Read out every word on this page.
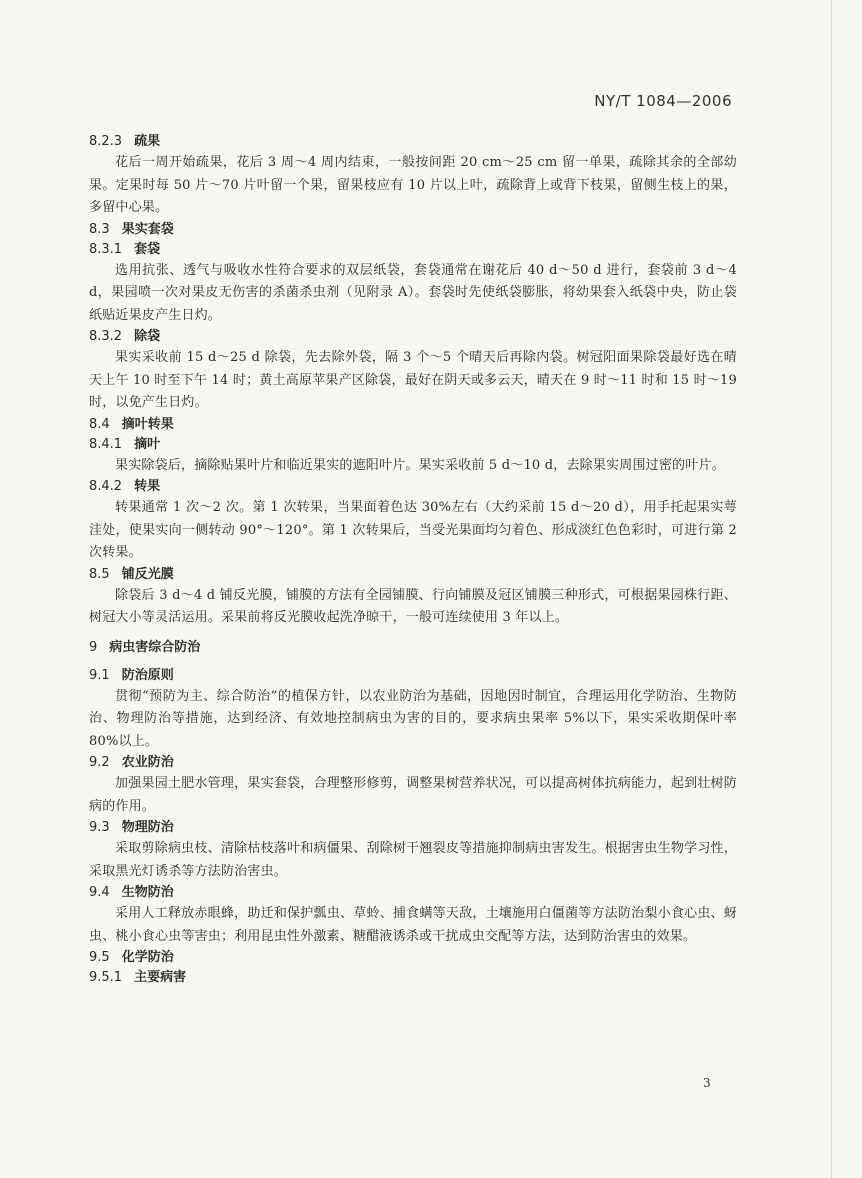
NY/T 1084—2006
8.2.3 疏果

花后一周开始疏果，花后 3 周～4 周内结束，一般按间距 20 cm～25 cm 留一单果，疏除其余的全部幼果。定果时每 50 片～70 片叶留一个果，留果枝应有 10 片以上叶，疏除背上或背下枝果，留侧生枝上的果，多留中心果。

8.3 果实套袋
8.3.1 套袋

选用抗张、透气与吸收水性符合要求的双层纸袋，套袋通常在谢花后 40 d～50 d 进行，套袋前 3 d～4 d，果园喷一次对果皮无伤害的杀菌杀虫剂（见附录 A）。套袋时先使纸袋膨胀，将幼果套入纸袋中央，防止袋纸贴近果皮产生日灼。

8.3.2 除袋

果实采收前 15 d～25 d 除袋，先去除外袋，隔 3 个～5 个晴天后再除内袋。树冠阳面果除袋最好选在晴天上午 10 时至下午 14 时；黄土高原苹果产区除袋，最好在阴天或多云天，晴天在 9 时～11 时和 15 时～19 时，以免产生日灼。

8.4 摘叶转果
8.4.1 摘叶

果实除袋后，摘除贴果叶片和临近果实的遮阳叶片。果实采收前 5 d～10 d，去除果实周围过密的叶片。

8.4.2 转果

转果通常 1 次～2 次。第 1 次转果，当果面着色达 30%左右（大约采前 15 d～20 d），用手托起果实萼洼处，使果实向一侧转动 90°～120°。第 1 次转果后，当受光果面均匀着色、形成淡红色色彩时，可进行第 2 次转果。

8.5 铺反光膜

除袋后 3 d～4 d 铺反光膜，铺膜的方法有全园铺膜、行向铺膜及冠区铺膜三种形式，可根据果园株行距、树冠大小等灵活运用。采果前将反光膜收起洗净晾干，一般可连续使用 3 年以上。

9 病虫害综合防治
9.1 防治原则

贯彻“预防为主、综合防治”的植保方针，以农业防治为基础，因地因时制宜，合理运用化学防治、生物防治、物理防治等措施，达到经济、有效地控制病虫为害的目的，要求病虫果率 5%以下，果实采收期保叶率 80%以上。

9.2 农业防治

加强果园土肥水管理，果实套袋，合理整形修剪，调整果树营养状况，可以提高树体抗病能力，起到壮树防病的作用。

9.3 物理防治

采取剪除病虫枝、清除枯枝落叶和病僵果、刮除树干翘裂皮等措施抑制病虫害发生。根据害虫生物学习性，采取黑光灯诱杀等方法防治害虫。

9.4 生物防治

采用人工释放赤眼蜂，助迁和保护瓢虫、草蛉、捕食螨等天敌，土壤施用白僵菌等方法防治梨小食心虫、蚜虫、桃小食心虫等害虫；利用昆虫性外激素、糖醋液诱杀或干扰成虫交配等方法，达到防治害虫的效果。

9.5 化学防治
9.5.1 主要病害
3
